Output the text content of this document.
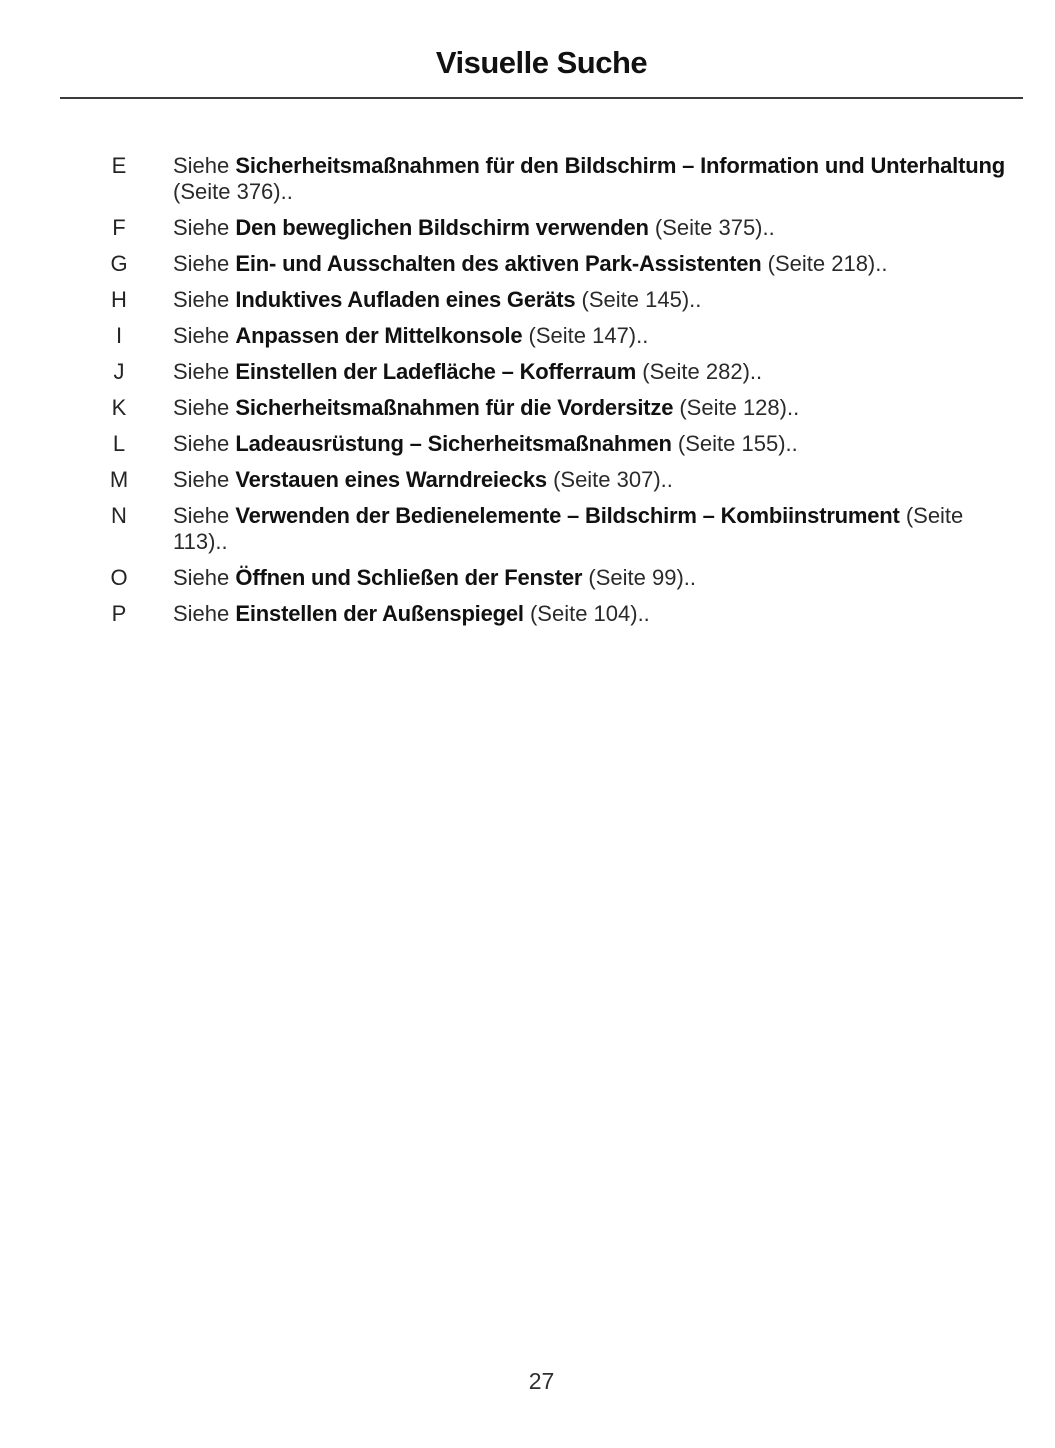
Visuelle Suche
E	Siehe Sicherheitsmaßnahmen für den Bildschirm – Information und Unterhaltung (Seite 376)..
F	Siehe Den beweglichen Bildschirm verwenden (Seite 375)..
G	Siehe Ein- und Ausschalten des aktiven Park-Assistenten (Seite 218)..
H	Siehe Induktives Aufladen eines Geräts (Seite 145)..
I	Siehe Anpassen der Mittelkonsole (Seite 147)..
J	Siehe Einstellen der Ladefläche – Kofferraum (Seite 282)..
K	Siehe Sicherheitsmaßnahmen für die Vordersitze (Seite 128)..
L	Siehe Ladeausrüstung – Sicherheitsmaßnahmen (Seite 155)..
M	Siehe Verstauen eines Warndreiecks (Seite 307)..
N	Siehe Verwenden der Bedienelemente – Bildschirm – Kombiinstrument (Seite 113)..
O	Siehe Öffnen und Schließen der Fenster (Seite 99)..
P	Siehe Einstellen der Außenspiegel (Seite 104)..
27
